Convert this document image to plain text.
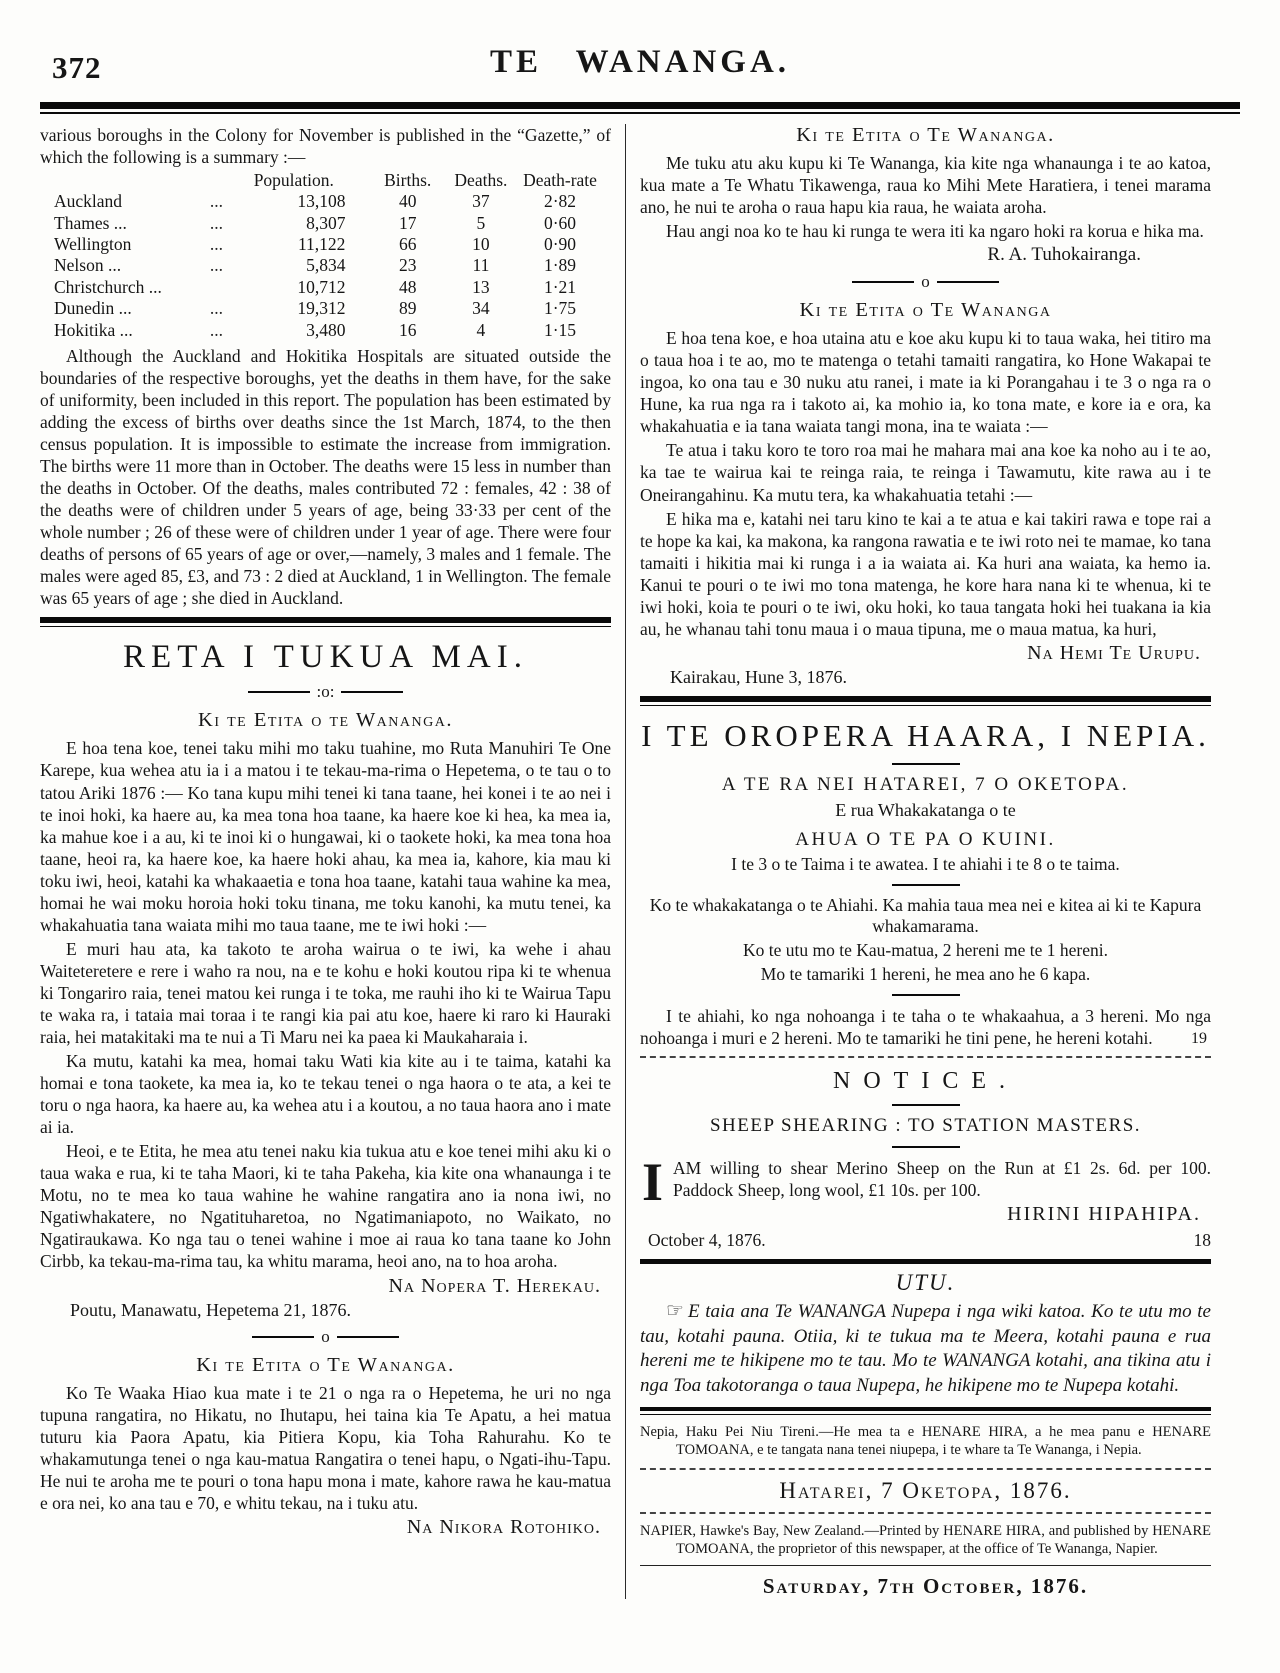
372	TE WANANGA.

various boroughs in the Colony for November is published in the “Gazette,” of which the following is a summary :—

		Population.	Births.	Deaths.	Death-rate
Auckland	...	13,108	40	37	2·82
Thames ...	...	8,307	17	5	0·60
Wellington	...	11,122	66	10	0·90
Nelson ...	...	5,834	23	11	1·89
Christchurch ...		10,712	48	13	1·21
Dunedin ...	...	19,312	89	34	1·75
Hokitika ...	...	3,480	16	4	1·15

Although the Auckland and Hokitika Hospitals are situated outside the boundaries of the respective boroughs, yet the deaths in them have, for the sake of uniformity, been included in this report. The population has been estimated by adding the excess of births over deaths since the 1st March, 1874, to the then census population. It is impossible to estimate the increase from immigration. The births were 11 more than in October. The deaths were 15 less in number than the deaths in October. Of the deaths, males contributed 72 : females, 42 : 38 of the deaths were of children under 5 years of age, being 33·33 per cent of the whole number ; 26 of these were of children under 1 year of age. There were four deaths of persons of 65 years of age or over,—namely, 3 males and 1 female. The males were aged 85, £3, and 73 : 2 died at Auckland, 1 in Wellington. The female was 65 years of age ; she died in Auckland.

RETA I TUKUA MAI.
:o:
Ki te Etita o te Wananga.

E hoa tena koe, tenei taku mihi mo taku tuahine, mo Ruta Manuhiri Te One Karepe, kua wehea atu ia i a matou i te tekau-ma-rima o Hepetema, o te tau o to tatou Ariki 1876 :— Ko tana kupu mihi tenei ki tana taane, hei konei i te ao nei i te inoi hoki, ka haere au, ka mea tona hoa taane, ka haere koe ki hea, ka mea ia, ka mahue koe i a au, ki te inoi ki o hungawai, ki o taokete hoki, ka mea tona hoa taane, heoi ra, ka haere koe, ka haere hoki ahau, ka mea ia, kahore, kia mau ki toku iwi, heoi, katahi ka whakaaetia e tona hoa taane, katahi taua wahine ka mea, homai he wai moku horoia hoki toku tinana, me toku kanohi, ka mutu tenei, ka whakahuatia tana waiata mihi mo taua taane, me te iwi hoki :—

E muri hau ata, ka takoto te aroha wairua o te iwi, ka wehe i ahau Waiteteretere e rere i waho ra nou, na e te kohu e hoki koutou ripa ki te whenua ki Tongariro raia, tenei matou kei runga i te toka, me rauhi iho ki te Wairua Tapu te waka ra, i tataia mai toraa i te rangi kia pai atu koe, haere ki raro ki Hauraki raia, hei matakitaki ma te nui a Ti Maru nei ka paea ki Maukaharaia i.

Ka mutu, katahi ka mea, homai taku Wati kia kite au i te taima, katahi ka homai e tona taokete, ka mea ia, ko te tekau tenei o nga haora o te ata, a kei te toru o nga haora, ka haere au, ka wehea atu i a koutou, a no taua haora ano i mate ai ia.

Heoi, e te Etita, he mea atu tenei naku kia tukua atu e koe tenei mihi aku ki o taua waka e rua, ki te taha Maori, ki te taha Pakeha, kia kite ona whanaunga i te Motu, no te mea ko taua wahine he wahine rangatira ano ia nona iwi, no Ngatiwhakatere, no Ngatituharetoa, no Ngatimaniapoto, no Waikato, no Ngatiraukawa. Ko nga tau o tenei wahine i moe ai raua ko tana taane ko John Cirbb, ka tekau-ma-rima tau, ka whitu marama, heoi ano, na to hoa aroha.

Na Nopera T. Herekau.

Poutu, Manawatu, Hepetema 21, 1876.

o
Ki te Etita o Te Wananga.

Ko Te Waaka Hiao kua mate i te 21 o nga ra o Hepetema, he uri no nga tupuna rangatira, no Hikatu, no Ihutapu, hei taina kia Te Apatu, a hei matua tuturu kia Paora Apatu, kia Pitiera Kopu, kia Toha Rahurahu. Ko te whakamutunga tenei o nga kau-matua Rangatira o tenei hapu, o Ngati-ihu-Tapu. He nui te aroha me te pouri o tona hapu mona i mate, kahore rawa he kau-matua e ora nei, ko ana tau e 70, e whitu tekau, na i tuku atu.

Na Nikora Rotohiko.

Ki te Etita o Te Wananga.

Me tuku atu aku kupu ki Te Wananga, kia kite nga whanaunga i te ao katoa, kua mate a Te Whatu Tikawenga, raua ko Mihi Mete Haratiera, i tenei marama ano, he nui te aroha o raua hapu kia raua, he waiata aroha.

Hau angi noa ko te hau ki runga te wera iti ka ngaro hoki ra korua e hika ma.

R. A. Tuhokairanga.

o
Ki te Etita o Te Wananga

E hoa tena koe, e hoa utaina atu e koe aku kupu ki to taua waka, hei titiro ma o taua hoa i te ao, mo te matenga o tetahi tamaiti rangatira, ko Hone Wakapai te ingoa, ko ona tau e 30 nuku atu ranei, i mate ia ki Porangahau i te 3 o nga ra o Hune, ka rua nga ra i takoto ai, ka mohio ia, ko tona mate, e kore ia e ora, ka whakahuatia e ia tana waiata tangi mona, ina te waiata :—

Te atua i taku koro te toro roa mai he mahara mai ana koe ka noho au i te ao, ka tae te wairua kai te reinga raia, te reinga i Tawamutu, kite rawa au i te Oneirangahinu. Ka mutu tera, ka whakahuatia tetahi :—

E hika ma e, katahi nei taru kino te kai a te atua e kai takiri rawa e tope rai a te hope ka kai, ka makona, ka rangona rawatia e te iwi roto nei te mamae, ko tana tamaiti i hikitia mai ki runga i a ia waiata ai. Ka huri ana waiata, ka hemo ia. Kanui te pouri o te iwi mo tona matenga, he kore hara nana ki te whenua, ki te iwi hoki, koia te pouri o te iwi, oku hoki, ko taua tangata hoki hei tuakana ia kia au, he whanau tahi tonu maua i o maua tipuna, me o maua matua, ka huri,

Na Hemi Te Urupu.

Kairakau, Hune 3, 1876.

I TE OROPERA HAARA, I NEPIA.

A TE RA NEI HATAREI, 7 O OKETOPA.

E rua Whakakatanga o te

AHUA O TE PA O KUINI.

I te 3 o te Taima i te awatea. I te ahiahi i te 8 o te taima.

Ko te whakakatanga o te Ahiahi. Ka mahia taua mea nei e kitea ai ki te Kapura whakamarama.

Ko te utu mo te Kau-matua, 2 hereni me te 1 hereni.

Mo te tamariki 1 hereni, he mea ano he 6 kapa.

I te ahiahi, ko nga nohoanga i te taha o te whakaahua, a 3 hereni. Mo nga nohoanga i muri e 2 hereni. Mo te tamariki he tini pene, he hereni kotahi.	19
NOTICE.
SHEEP SHEARING : TO STATION MASTERS.

IAM willing to shear Merino Sheep on the Run at £1 2s. 6d. per 100. Paddock Sheep, long wool, £1 10s. per 100.

HIRINI HIPAHIPA.

October 4, 1876.	18
UTU.

☞ E taia ana Te WANANGA Nupepa i nga wiki katoa. Ko te utu mo te tau, kotahi pauna. Otiia, ki te tukua ma te Meera, kotahi pauna e rua hereni me te hikipene mo te tau. Mo te WANANGA kotahi, ana tikina atu i nga Toa takotoranga o taua Nupepa, he hikipene mo te Nupepa kotahi.

Nepia, Haku Pei Niu Tireni.—He mea ta e HENARE HIRA, a he mea panu e HENARE TOMOANA, e te tangata nana tenei niupepa, i te whare ta Te Wananga, i Nepia.

Hatarei, 7 Oketopa, 1876.

NAPIER, Hawke's Bay, New Zealand.—Printed by HENARE HIRA, and published by HENARE TOMOANA, the proprietor of this newspaper, at the office of Te Wananga, Napier.

Saturday, 7th October, 1876.
